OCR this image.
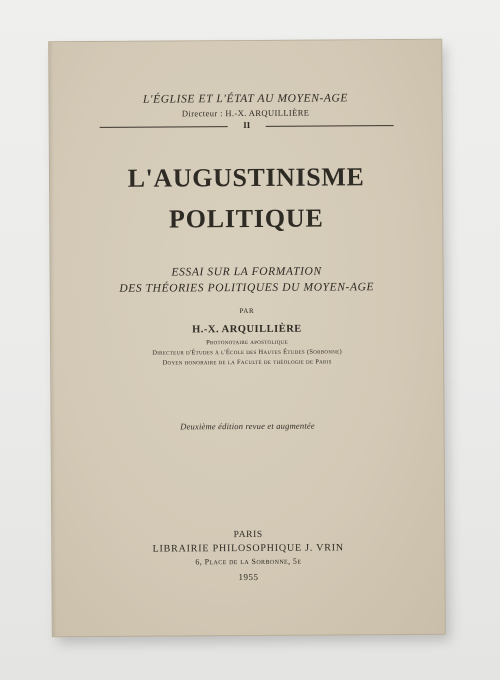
L'ÉGLISE ET L'ÉTAT AU MOYEN-AGE
Directeur : H.-X. ARQUILLIÈRE
II
L'AUGUSTINISME
POLITIQUE
ESSAI SUR LA FORMATION
DES THÉORIES POLITIQUES DU MOYEN-AGE
PAR
H.-X. ARQUILLIÈRE
Protonotaire apostolique
Directeur d'Études à l'École des Hautes Études (Sorbonne)
Doyen honoraire de la Faculté de théologie de Paris
Deuxième édition revue et augmentée
PARIS
LIBRAIRIE PHILOSOPHIQUE J. VRIN
6, Place de la Sorbonne, 5e
1955
